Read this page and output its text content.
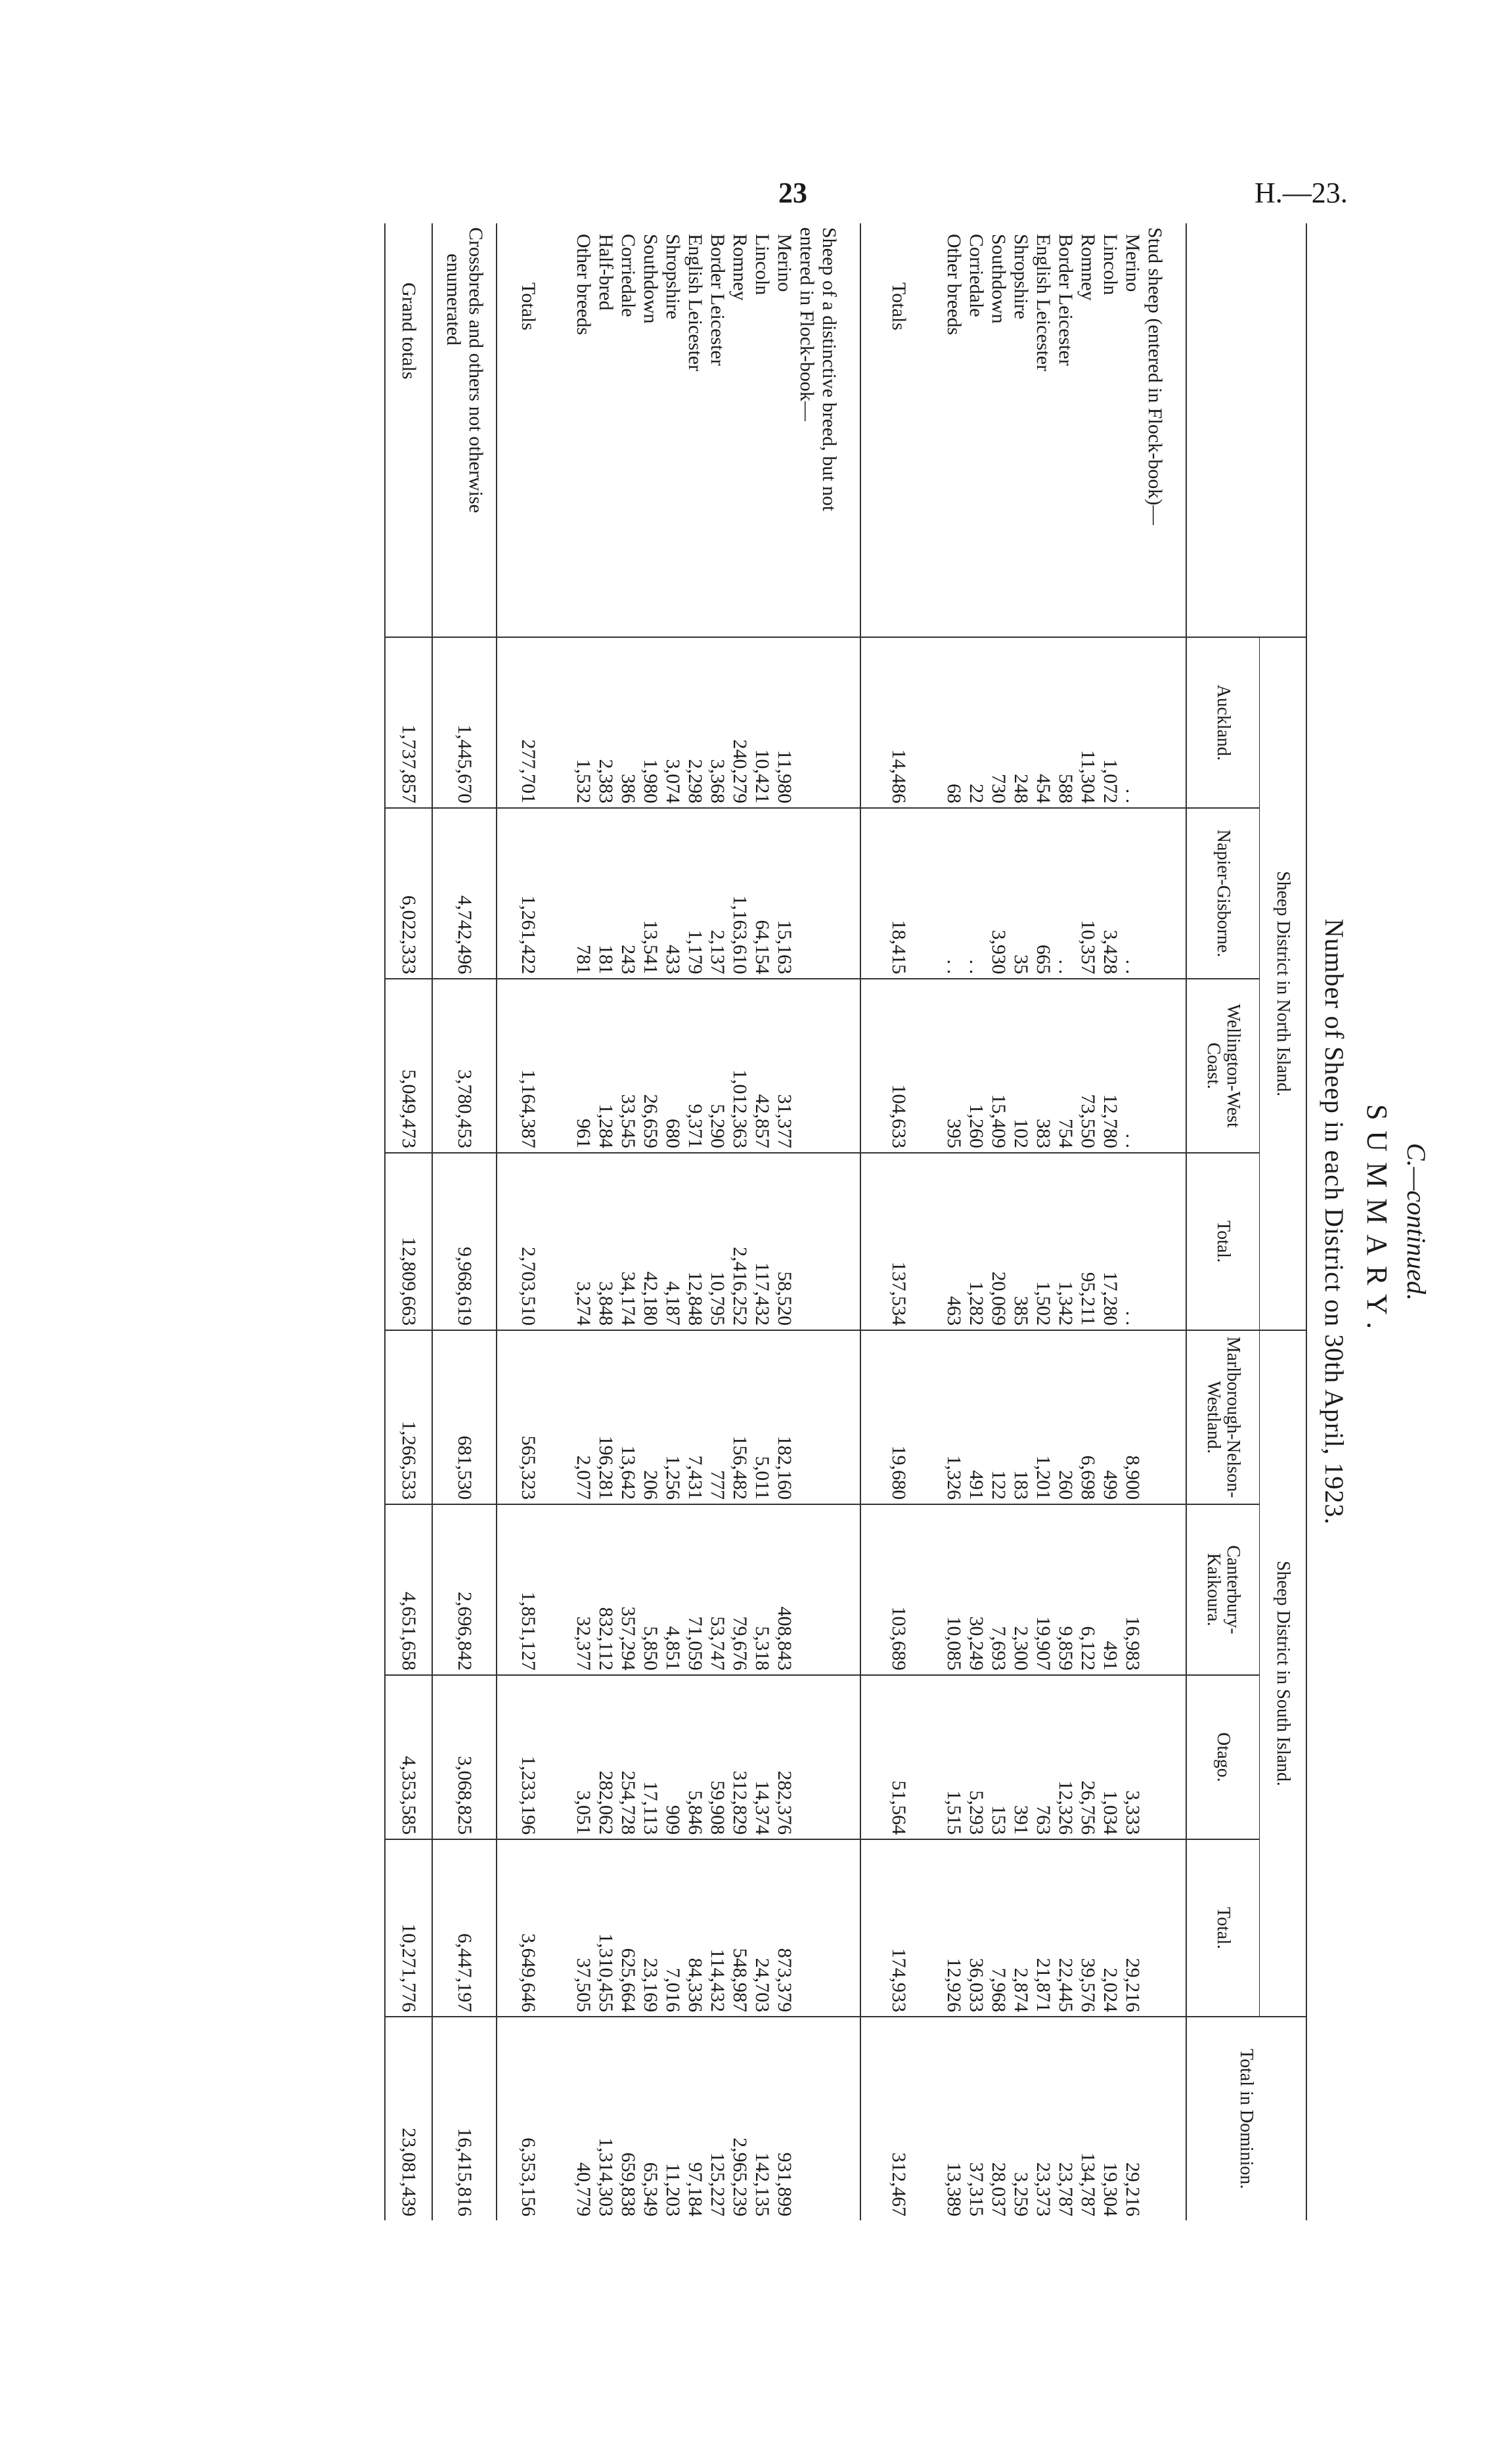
23	H.—23.
C.—continued.
SUMMARY.
Number of Sheep in each District on 30th April, 1923.
	Sheep District in North Island.				Sheep District in South Island.				Total in Dominion.
	Auckland.	Napier-Gisborne.	Wellington-West Coast.	Total.	Marlborough-Nelson-Westland.	Canterbury-Kaikoura.	Otago.	Total.	

Stud sheep (entered in Flock-book)—									
Merino	. .	. .	. .	. .	8,900	16,983	3,333	29,216	29,216
Lincoln	1,072	3,428	12,780	17,280	499	491	1,034	2,024	19,304
Romney	11,304	10,357	73,550	95,211	6,698	6,122	26,756	39,576	134,787
Border Leicester	588	. .	754	1,342	260	9,859	12,326	22,445	23,787
English Leicester	454	665	383	1,502	1,201	19,907	763	21,871	23,373
Shropshire	248	35	102	385	183	2,300	391	2,874	3,259
Southdown	730	3,930	15,409	20,069	122	7,693	153	7,968	28,037
Corriedale	22	. .	1,260	1,282	491	30,249	5,293	36,033	37,315
Other breeds	68	. .	395	463	1,326	10,085	1,515	12,926	13,389

Totals	14,486	18,415	104,633	137,534	19,680	103,689	51,564	174,933	312,467

Sheep of a distinctive breed, but not									
entered in Flock-book—									
Merino	11,980	15,163	31,377	58,520	182,160	408,843	282,376	873,379	931,899
Lincoln	10,421	64,154	42,857	117,432	5,011	5,318	14,374	24,703	142,135
Romney	240,279	1,163,610	1,012,363	2,416,252	156,482	79,676	312,829	548,987	2,965,239
Border Leicester	3,368	2,137	5,290	10,795	777	53,747	59,908	114,432	125,227
English Leicester	2,298	1,179	9,371	12,848	7,431	71,059	5,846	84,336	97,184
Shropshire	3,074	433	680	4,187	1,256	4,851	909	7,016	11,203
Southdown	1,980	13,541	26,659	42,180	206	5,850	17,113	23,169	65,349
Corriedale	386	243	33,545	34,174	13,642	357,294	254,728	625,664	659,838
Half-bred	2,383	181	1,284	3,848	196,281	832,112	282,062	1,310,455	1,314,303
Other breeds	1,532	781	961	3,274	2,077	32,377	3,051	37,505	40,779

Totals	277,701	1,261,422	1,164,387	2,703,510	565,323	1,851,127	1,233,196	3,649,646	6,353,156

Crossbreds and others not otherwise
enumerated	1,445,670	4,742,496	3,780,453	9,968,619	681,530	2,696,842	3,068,825	6,447,197	16,415,816
Grand totals	1,737,857	6,022,333	5,049,473	12,809,663	1,266,533	4,651,658	4,353,585	10,271,776	23,081,439
